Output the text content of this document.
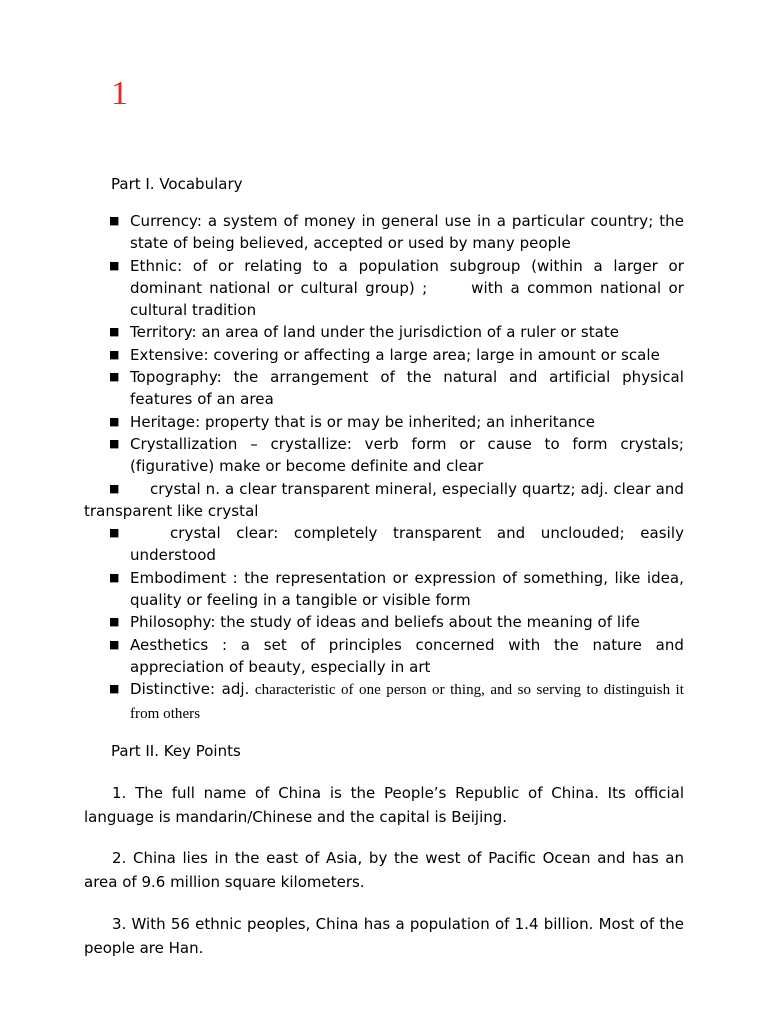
1
Part I. Vocabulary
■ Currency: a system of money in general use in a particular country; the state of being believed, accepted or used by many people
■ Ethnic: of or relating to a population subgroup (within a larger or dominant national or cultural group) ;      with a common national or cultural tradition
■ Territory: an area of land under the jurisdiction of a ruler or state
■ Extensive: covering or affecting a large area; large in amount or scale
■ Topography: the arrangement of the natural and artificial physical features of an area
■ Heritage: property that is or may be inherited; an inheritance
■ Crystallization – crystallize: verb form or cause to form crystals; (figurative) make or become definite and clear
■	crystal n. a clear transparent mineral, especially quartz; adj. clear and transparent like crystal
■	crystal clear: completely transparent and unclouded; easily understood
■ Embodiment : the representation or expression of something, like idea, quality or feeling in a tangible or visible form
■ Philosophy: the study of ideas and beliefs about the meaning of life
■ Aesthetics : a set of principles concerned with the nature and appreciation of beauty, especially in art
■ Distinctive: adj. characteristic of one person or thing, and so serving to distinguish it from others
Part II. Key Points

1. The full name of China is the People’s Republic of China. Its official language is mandarin/Chinese and the capital is Beijing.

2. China lies in the east of Asia, by the west of Pacific Ocean and has an area of 9.6 million square kilometers.

3. With 56 ethnic peoples, China has a population of 1.4 billion. Most of the people are Han.
